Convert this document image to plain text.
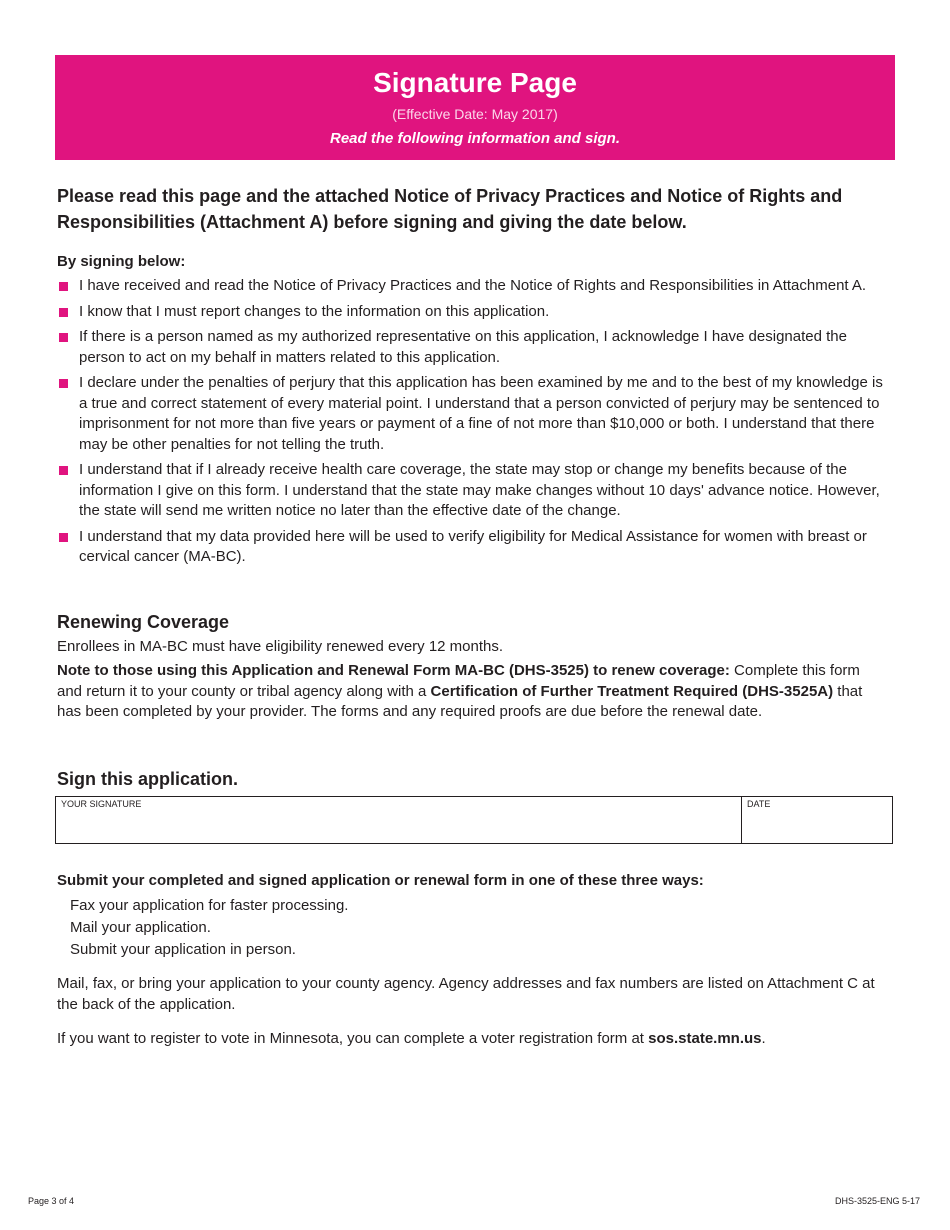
Signature Page
(Effective Date: May 2017)
Read the following information and sign.

Please read this page and the attached Notice of Privacy Practices and Notice of Rights and Responsibilities (Attachment A) before signing and giving the date below.

By signing below:

I have received and read the Notice of Privacy Practices and the Notice of Rights and Responsibilities in Attachment A.
I know that I must report changes to the information on this application.
If there is a person named as my authorized representative on this application, I acknowledge I have designated the person to act on my behalf in matters related to this application.
I declare under the penalties of perjury that this application has been examined by me and to the best of my knowledge is a true and correct statement of every material point. I understand that a person convicted of perjury may be sentenced to imprisonment for not more than five years or payment of a fine of not more than $10,000 or both. I understand that there may be other penalties for not telling the truth.
I understand that if I already receive health care coverage, the state may stop or change my benefits because of the information I give on this form. I understand that the state may make changes without 10 days' advance notice. However, the state will send me written notice no later than the effective date of the change.
I understand that my data provided here will be used to verify eligibility for Medical Assistance for women with breast or cervical cancer (MA-BC).
Renewing Coverage

Enrollees in MA-BC must have eligibility renewed every 12 months.

Note to those using this Application and Renewal Form MA-BC (DHS-3525) to renew coverage: Complete this form and return it to your county or tribal agency along with a Certification of Further Treatment Required (DHS-3525A) that has been completed by your provider. The forms and any required proofs are due before the renewal date.

Sign this application.
YOUR SIGNATURE	DATE

Submit your completed and signed application or renewal form in one of these three ways:

Fax your application for faster processing.
Mail your application.
Submit your application in person.

Mail, fax, or bring your application to your county agency. Agency addresses and fax numbers are listed on Attachment C at the back of the application.

If you want to register to vote in Minnesota, you can complete a voter registration form at sos.state.mn.us.

Page 3 of 4	DHS-3525-ENG 5-17
